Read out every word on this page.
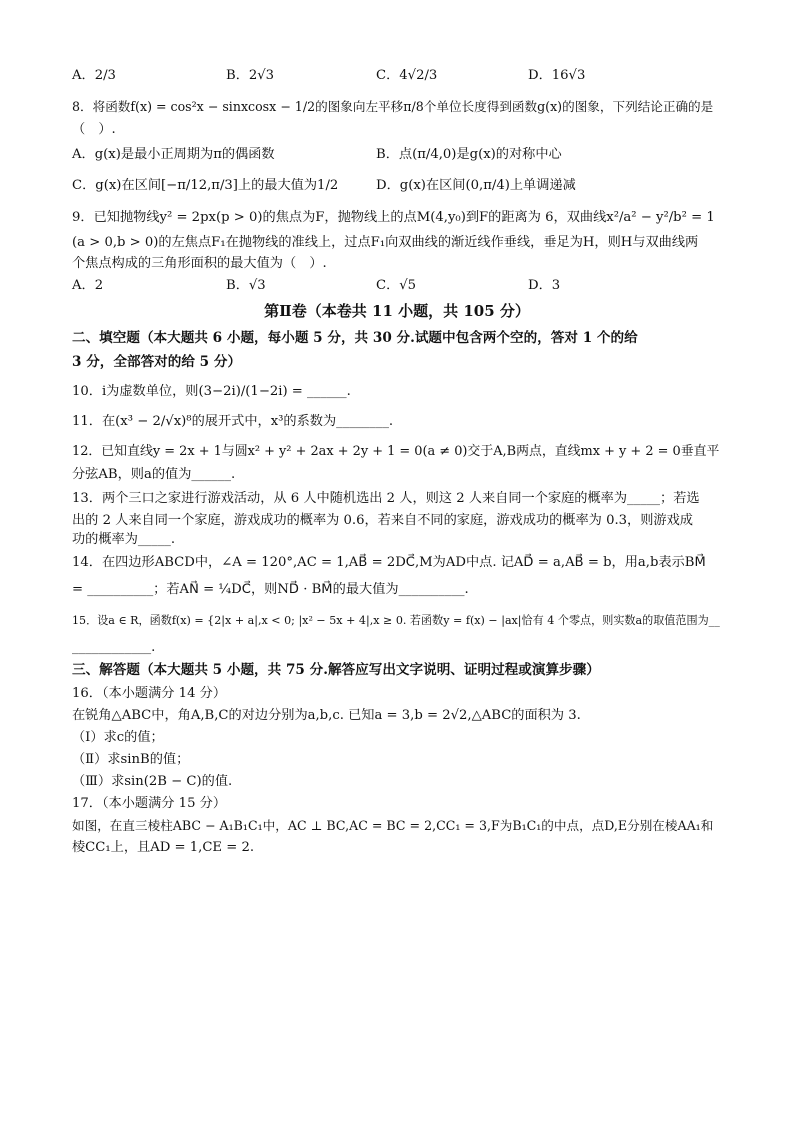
A．2/3	B．2√3	C．4√2/3	D．16√3
8．将函数f(x) = cos²x − sinxcosx − 1/2的图象向左平移π/8个单位长度得到函数g(x)的图象，下列结论正确的是
（　）.
A．g(x)是最小正周期为π的偶函数	B．点(π/4,0)是g(x)的对称中心
C．g(x)在区间[−π/12,π/3]上的最大值为1/2	D．g(x)在区间(0,π/4)上单调递减
9．已知抛物线y² = 2px(p > 0)的焦点为F，抛物线上的点M(4,y₀)到F的距离为 6，双曲线x²/a² − y²/b² = 1
(a > 0,b > 0)的左焦点F₁在抛物线的准线上，过点F₁向双曲线的渐近线作垂线，垂足为H，则H与双曲线两
个焦点构成的三角形面积的最大值为（　）.
A．2	B．√3	C．√5	D．3
第Ⅱ卷（本卷共 11 小题，共 105 分）
二、填空题（本大题共 6 小题，每小题 5 分，共 30 分.试题中包含两个空的，答对 1 个的给
3 分，全部答对的给 5 分）
10．i为虚数单位，则(3−2i)/(1−2i) = ______.
11．在(x³ − 2/√x)⁸的展开式中，x³的系数为________.
12．已知直线y = 2x + 1与圆x² + y² + 2ax + 2y + 1 = 0(a ≠ 0)交于A,B两点，直线mx + y + 2 = 0垂直平
分弦AB，则a的值为______.
13．两个三口之家进行游戏活动，从 6 人中随机选出 2 人，则这 2 人来自同一个家庭的概率为_____；若选
出的 2 人来自同一个家庭，游戏成功的概率为 0.6，若来自不同的家庭，游戏成功的概率为 0.3，则游戏成
功的概率为_____.
14．在四边形ABCD中，∠A = 120°,AC = 1,AB⃗ = 2DC⃗,M为AD中点. 记AD⃗ = a,AB⃗ = b，用a,b表示BM⃗
= __________；若AN⃗ = ¼DC⃗，则ND⃗ · BM⃗的最大值为__________.
15．设a ∈ R，函数f(x) = {2|x + a|,x < 0; |x² − 5x + 4|,x ≥ 0. 若函数y = f(x) − |ax|恰有 4 个零点，则实数a的取值范围为__
____________.
三、解答题（本大题共 5 小题，共 75 分.解答应写出文字说明、证明过程或演算步骤）
16．（本小题满分 14 分）
在锐角△ABC中，角A,B,C的对边分别为a,b,c. 已知a = 3,b = 2√2,△ABC的面积为 3.
（Ⅰ）求c的值；
（Ⅱ）求sinB的值；
（Ⅲ）求sin(2B − C)的值.
17．（本小题满分 15 分）
如图，在直三棱柱ABC − A₁B₁C₁中，AC ⊥ BC,AC = BC = 2,CC₁ = 3,F为B₁C₁的中点，点D,E分别在棱AA₁和
棱CC₁上，且AD = 1,CE = 2.
